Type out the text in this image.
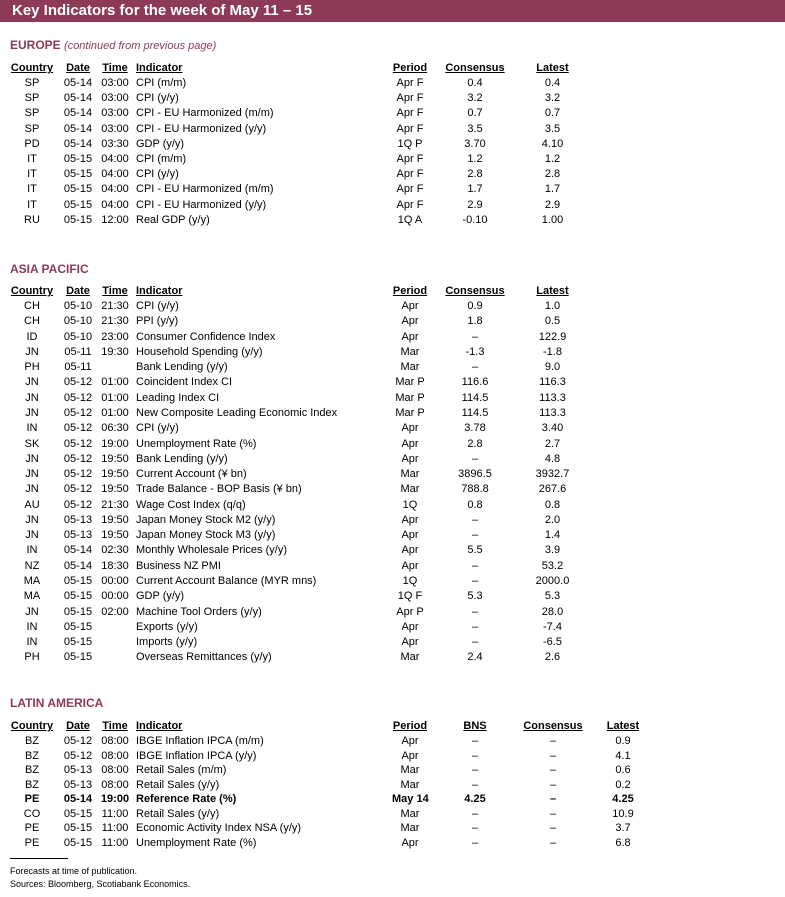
Key Indicators for the week of May 11 – 15
EUROPE (continued from previous page)
Country	Date	Time Indicator	Period Consensus	Latest
SP	05-14 03:00 CPI (m/m)	Apr F	0.4	0.4
SP	05-14 03:00 CPI (y/y)	Apr F	3.2	3.2
SP	05-14 03:00 CPI - EU Harmonized (m/m)	Apr F	0.7	0.7
SP	05-14 03:00 CPI - EU Harmonized (y/y)	Apr F	3.5	3.5
PD	05-14 03:30 GDP (y/y)	1Q P	3.70	4.10
IT	05-15 04:00 CPI (m/m)	Apr F	1.2	1.2
IT	05-15 04:00 CPI (y/y)	Apr F	2.8	2.8
IT	05-15 04:00 CPI - EU Harmonized (m/m)	Apr F	1.7	1.7
IT	05-15 04:00 CPI - EU Harmonized (y/y)	Apr F	2.9	2.9
RU	05-15 12:00 Real GDP (y/y)	1Q A	-0.10	1.00
ASIA PACIFIC
Country	Date	Time Indicator	Period Consensus	Latest
CH	05-10 21:30 CPI (y/y)	Apr	0.9	1.0
CH	05-10 21:30 PPI (y/y)	Apr	1.8	0.5
ID	05-10 23:00 Consumer Confidence Index	Apr	–	122.9
JN	05-11 19:30 Household Spending (y/y)	Mar	-1.3	-1.8
PH	05-11	Bank Lending (y/y)	Mar	–	9.0
JN	05-12 01:00 Coincident Index CI	Mar P	116.6	116.3
JN	05-12 01:00 Leading Index CI	Mar P	114.5	113.3
JN	05-12 01:00 New Composite Leading Economic Index	Mar P	114.5	113.3
IN	05-12 06:30 CPI (y/y)	Apr	3.78	3.40
SK	05-12 19:00 Unemployment Rate (%)	Apr	2.8	2.7
JN	05-12 19:50 Bank Lending (y/y)	Apr	–	4.8
JN	05-12 19:50 Current Account (¥ bn)	Mar	3896.5	3932.7
JN	05-12 19:50 Trade Balance - BOP Basis (¥ bn)	Mar	788.8	267.6
AU	05-12 21:30 Wage Cost Index (q/q)	1Q	0.8	0.8
JN	05-13 19:50 Japan Money Stock M2 (y/y)	Apr	–	2.0
JN	05-13 19:50 Japan Money Stock M3 (y/y)	Apr	–	1.4
IN	05-14 02:30 Monthly Wholesale Prices (y/y)	Apr	5.5	3.9
NZ	05-14 18:30 Business NZ PMI	Apr	–	53.2
MA	05-15 00:00 Current Account Balance (MYR mns)	1Q	–	2000.0
MA	05-15 00:00 GDP (y/y)	1Q F	5.3	5.3
JN	05-15 02:00 Machine Tool Orders (y/y)	Apr P	–	28.0
IN	05-15	Exports (y/y)	Apr	–	-7.4
IN	05-15	Imports (y/y)	Apr	–	-6.5
PH	05-15	Overseas Remittances (y/y)	Mar	2.4	2.6
LATIN AMERICA
Country	Date	Time Indicator	Period	BNS	Consensus	Latest
BZ	05-12 08:00 IBGE Inflation IPCA (m/m)	Apr	–	–	0.9
BZ	05-12 08:00 IBGE Inflation IPCA (y/y)	Apr	–	–	4.1
BZ	05-13 08:00 Retail Sales (m/m)	Mar	–	–	0.6
BZ	05-13 08:00 Retail Sales (y/y)	Mar	–	–	0.2
PE	05-14 19:00 Reference Rate (%)	May 14	4.25	–	4.25
CO	05-15 11:00 Retail Sales (y/y)	Mar	–	–	10.9
PE	05-15 11:00 Economic Activity Index NSA (y/y)	Mar	–	–	3.7
PE	05-15 11:00 Unemployment Rate (%)	Apr	–	–	6.8
Forecasts at time of publication.
Sources: Bloomberg, Scotiabank Economics.
